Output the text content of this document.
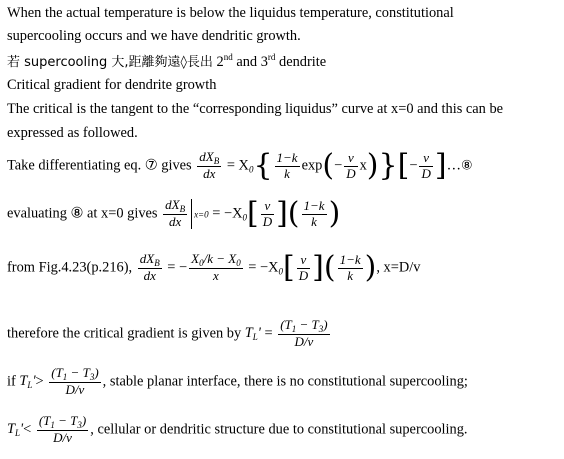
When the actual temperature is below the liquidus temperature, constitutional
supercooling occurs and we have dendritic growth.
若 supercooling 大,距離夠遠◊長出 2nd and 3rd dendrite
Critical gradient for dendrite growth
The critical is the tangent to the “corresponding liquidus” curve at x=0 and this can be
expressed as followed.
Take differentiating eq. ⑦ gives $\frac{dX_B}{dx} = X_0\{ \frac{1-k}{k} \exp(- \frac{v}{D} x)\}[- \frac{v}{D}$ ]…⑧
evaluating ⑧ at x=0 gives $\frac{dX_B}{dx} x=0 = -X_0[ \frac{v}{D}$ ]( $\frac{1-k}{k}$ )
from Fig.4.23(p.216), $\frac{dX_B}{dx}$ = − $\frac{X_0/k - X_0}{x} = -X_0[ \frac{v}{D}$ ]( $\frac{1-k}{k}$ ), x=D/v
therefore the critical gradient is given by $T_L' = \frac{(T_1 - T_3)}{D/v}$
if $T_L'> \frac{(T_1 - T_3)}{D/v}$ , stable planar interface, there is no constitutional supercooling;
$T_L'< \frac{(T_1 - T_3)}{D/v}$ , cellular or dendritic structure due to constitutional supercooling.
